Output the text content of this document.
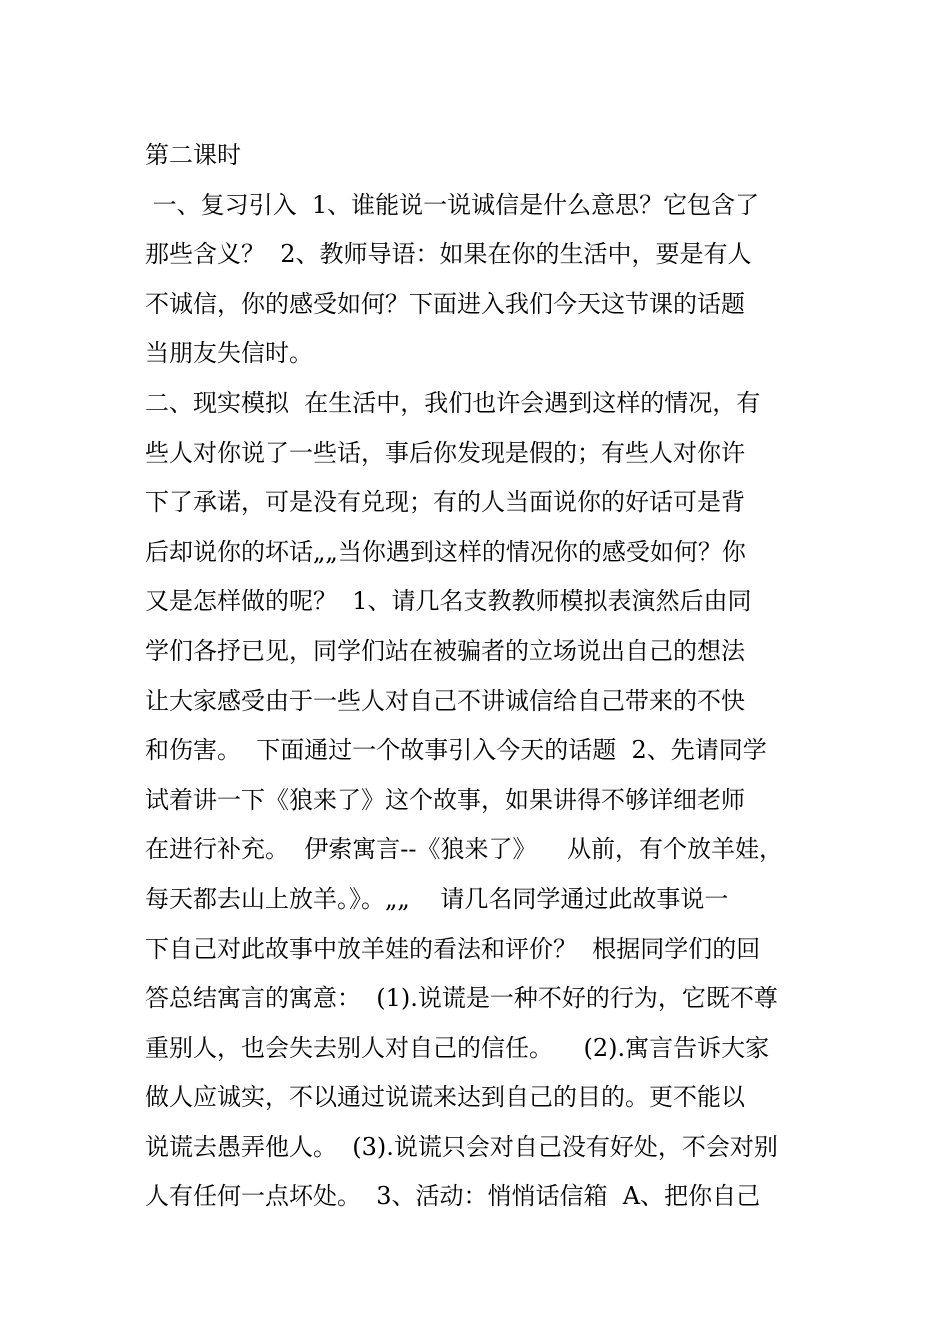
第二课时
一、复习引入  1、谁能说一说诚信是什么意思？它包含了
那些含义？  2、教师导语：如果在你的生活中，要是有人
不诚信，你的感受如何？下面进入我们今天这节课的话题
当朋友失信时。
二、现实模拟  在生活中，我们也许会遇到这样的情况，有
些人对你说了一些话，事后你发现是假的；有些人对你许
下了承诺，可是没有兑现；有的人当面说你的好话可是背
后却说你的坏话„„当你遇到这样的情况你的感受如何？你
又是怎样做的呢？  1、请几名支教教师模拟表演然后由同
学们各抒已见，同学们站在被骗者的立场说出自己的想法
让大家感受由于一些人对自己不讲诚信给自己带来的不快
和伤害。  下面通过一个故事引入今天的话题  2、先请同学
试着讲一下《狼来了》这个故事，如果讲得不够详细老师
在进行补充。  伊索寓言--《狼来了》    从前，有个放羊娃，
每天都去山上放羊。》。„„    请几名同学通过此故事说一
下自己对此故事中放羊娃的看法和评价？  根据同学们的回
答总结寓言的寓意：  (1).说谎是一种不好的行为，它既不尊
重别人，也会失去别人对自己的信任。    (2).寓言告诉大家
做人应诚实，不以通过说谎来达到自己的目的。更不能以
说谎去愚弄他人。  (3).说谎只会对自己没有好处，不会对别
人有任何一点坏处。  3、活动：悄悄话信箱  A、把你自己
